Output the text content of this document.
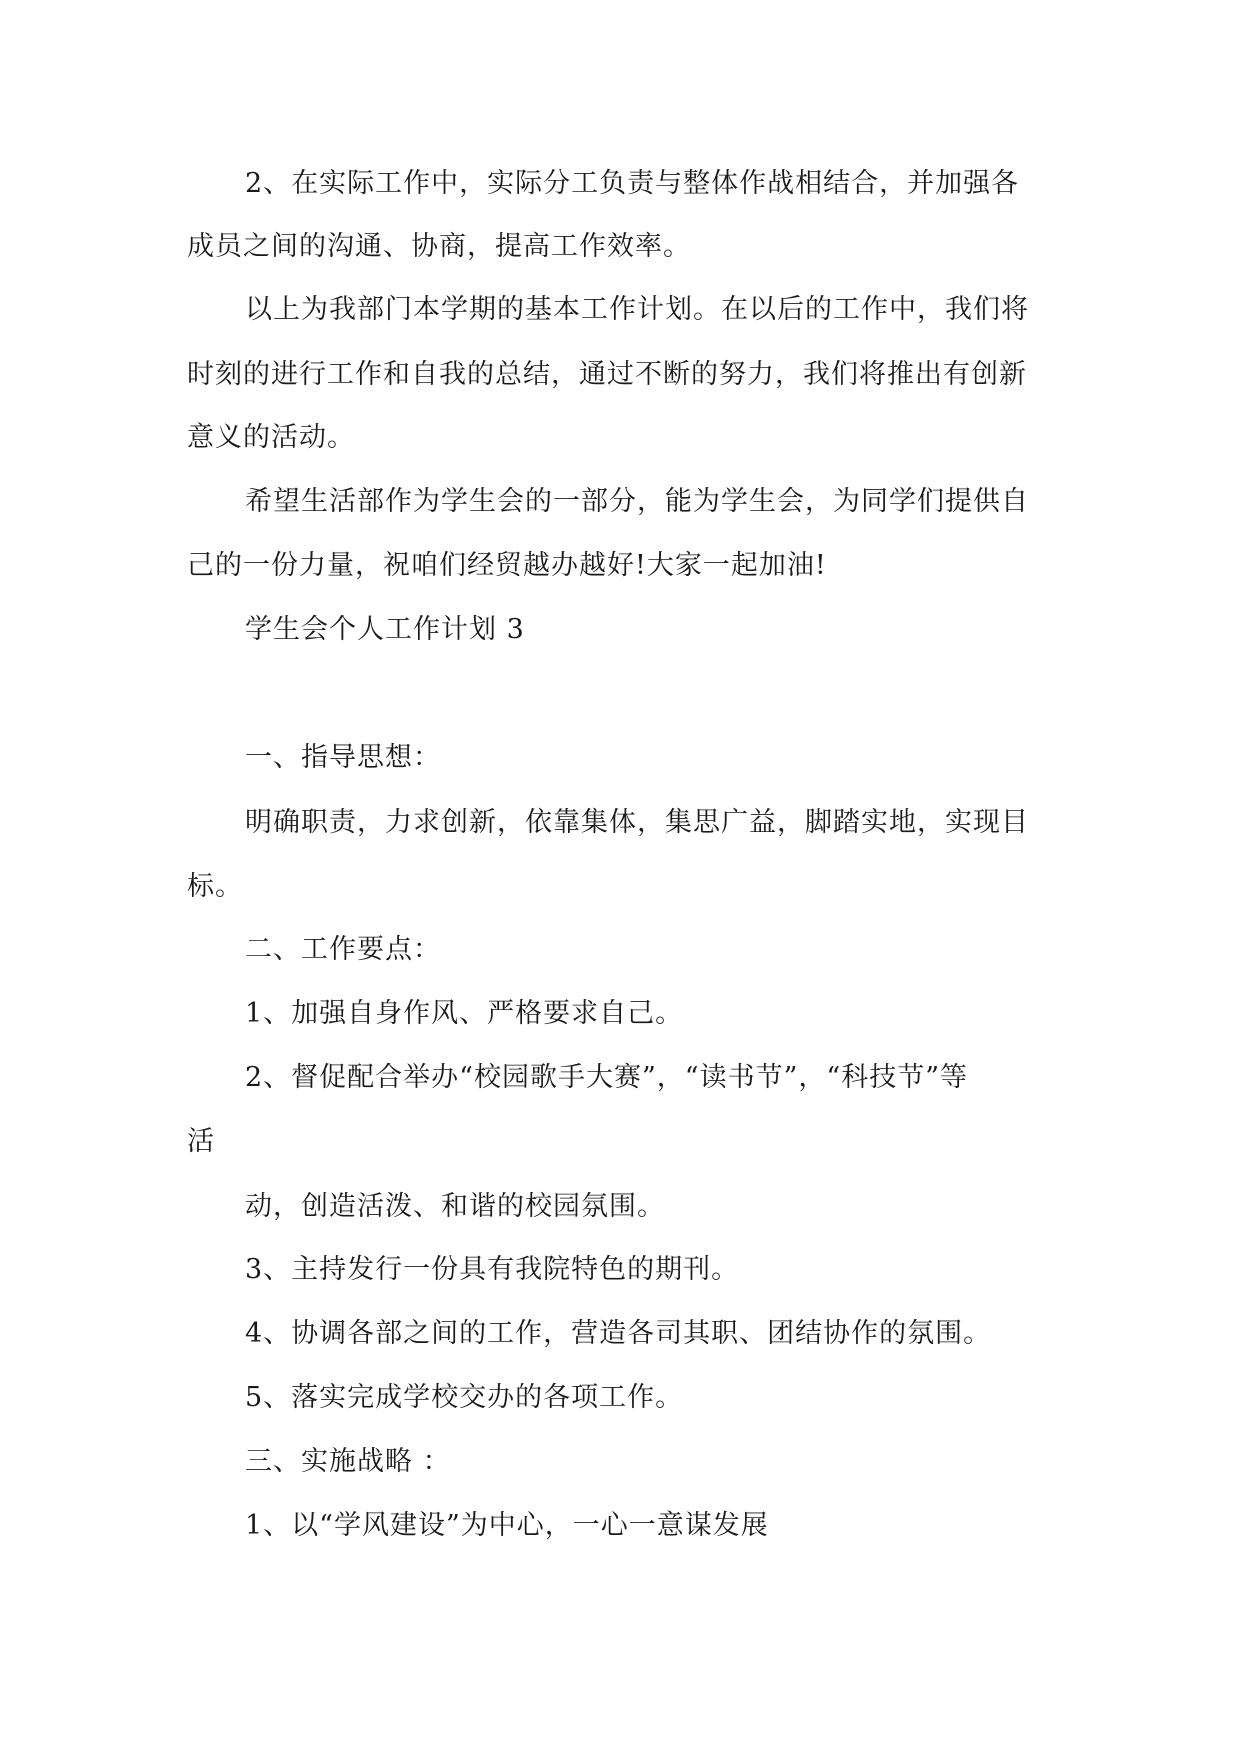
2、在实际工作中，实际分工负责与整体作战相结合，并加强各
成员之间的沟通、协商，提高工作效率。
以上为我部门本学期的基本工作计划。在以后的工作中，我们将
时刻的进行工作和自我的总结，通过不断的努力，我们将推出有创新
意义的活动。
希望生活部作为学生会的一部分，能为学生会，为同学们提供自
己的一份力量，祝咱们经贸越办越好!大家一起加油!
学生会个人工作计划 3
一、指导思想：
明确职责，力求创新，依靠集体，集思广益，脚踏实地，实现目
标。
二、工作要点：
1、加强自身作风、严格要求自己。
2、督促配合举办“校园歌手大赛”，“读书节”，“科技节”等
活
动，创造活泼、和谐的校园氛围。
3、主持发行一份具有我院特色的期刊。
4、协调各部之间的工作，营造各司其职、团结协作的氛围。
5、落实完成学校交办的各项工作。
三、实施战略 ：
1、以“学风建设”为中心，一心一意谋发展
